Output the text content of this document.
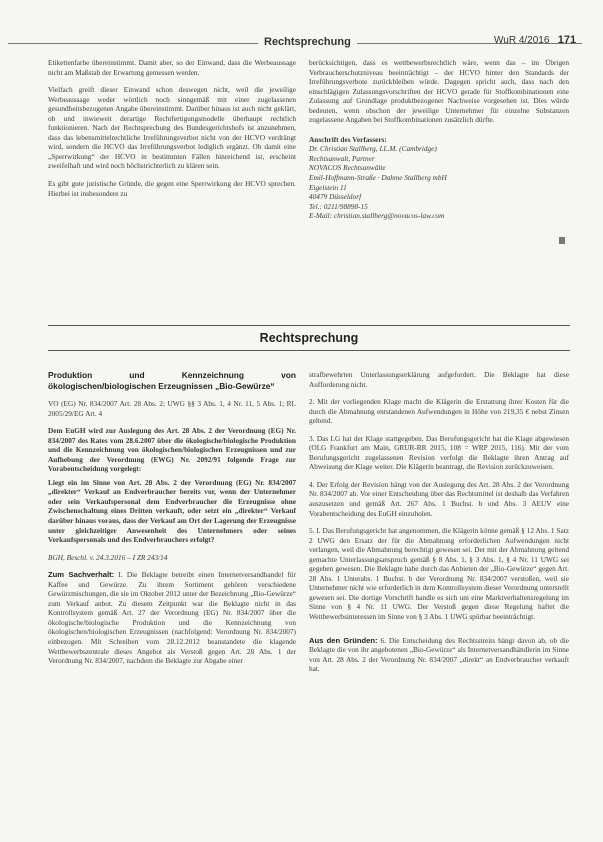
Rechtsprechung	WuR 4/2016 171

Etikettenfarbe übereinstimmt. Damit aber, so der Einwand, dass die Werbeaussage nicht am Maßstab der Erwartung gemessen werden.

Vielfach greift dieser Einwand schon deswegen nicht, weil die jeweilige Werbeaussage weder wörtlich noch sinngemäß mit einer zugelassenen gesundheitsbezogenen Angabe übereinstimmt. Darüber hinaus ist auch nicht geklärt, ob und inwieweit derartige Rechtfertigungsmodelle überhaupt rechtlich funktionieren. Nach der Rechtsprechung des Bundesgerichtshofs ist anzunehmen, dass das lebensmittelrechtliche Irreführungsverbot nicht von der HCVO verdrängt wird, sondern die HCVO das Irreführungsverbot lediglich ergänzt. Ob damit eine „Sperrwirkung“ der HCVO in bestimmten Fällen hinreichend ist, erscheint zweifelhaft und wird noch höchstrichterlich zu klären sein.

Es gibt gute juristische Gründe, die gegen eine Sperrwirkung der HCVO sprechen. Hierbei ist insbesondere zu

berücksichtigen, dass es wettbewerbsrechtlich wäre, wenn das – im Übrigen Verbraucherschutzniveau beeinträchtigt – der HCVO hinter den Standards der Irreführungsverbote zurückbleiben würde. Dagegen spricht auch, dass nach den einschlägigen Zulassungsvorschriften der HCVO gerade für Stoffkombinationen eine Zulassung auf Grundlage produktbezogener Nachweise vorgesehen ist. Dies würde bedeuten, wenn obschon der jeweilige Unternehmer für einzelne Substanzen zugelassene Angaben bei Stoffkombinationen zusätzlich dürfte.

Anschrift des Verfassers:
Dr. Christian Stallberg, LL.M. (Cambridge)
Rechtsanwalt, Partner
NOVACOS Rechtsanwälte
Emil-Hoffmann-Straße · Dahme Stallberg mbH
Eigelstein 11
40479 Düsseldorf
Tel.: 0211/98898-15
E-Mail: christian.stallberg@novacos-law.com
Rechtsprechung
Produktion und Kennzeichnung von ökologischen/biologischen Erzeugnissen „Bio-Gewürze“

VO (EG) Nr. 834/2007 Art. 28 Abs. 2; UWG §§ 3 Abs. 1, 4 Nr. 11, 5 Abs. 1; RL 2005/29/EG Art. 4

Dem EuGH wird zur Auslegung des Art. 28 Abs. 2 der Verordnung (EG) Nr. 834/2007 des Rates vom 28.6.2007 über die ökologische/biologische Produktion und die Kennzeichnung von ökologischen/biologischen Erzeugnissen und zur Aufhebung der Verordnung (EWG) Nr. 2092/91 folgende Frage zur Vorabentscheidung vorgelegt:

Liegt ein im Sinne von Art. 28 Abs. 2 der Verordnung (EG) Nr. 834/2007 „direkter“ Verkauf an Endverbraucher bereits vor, wenn der Unternehmer oder sein Verkaufspersonal dem Endverbraucher die Erzeugnisse ohne Zwischenschaltung eines Dritten verkauft, oder setzt ein „direkter“ Verkauf darüber hinaus voraus, dass der Verkauf am Ort der Lagerung der Erzeugnisse unter gleichzeitiger Anwesenheit des Unternehmers oder seines Verkaufspersonals und des Endverbrauchers erfolgt?

BGH, Beschl. v. 24.3.2016 – I ZR 243/14

Zum Sachverhalt: I. Die Beklagte betreibt einen Internetversandhandel für Kaffee und Gewürze. Zu ihrem Sortiment gehören verschiedene Gewürzmischungen, die sie im Oktober 2012 unter der Bezeichnung „Bio-Gewürze“ zum Verkauf anbot. Zu diesem Zeitpunkt war die Beklagte nicht in das Kontrollsystem gemäß Art. 27 der Verordnung (EG) Nr. 834/2007 über die ökologische/biologische Produktion und die Kennzeichnung von ökologischen/biologischen Erzeugnissen (nachfolgend: Verordnung Nr. 834/2007) einbezogen. Mit Schreiben vom 28.12.2012 beanstandete die klagende Wettbewerbszentrale dieses Angebot als Verstoß gegen Art. 28 Abs. 1 der Verordnung Nr. 834/2007, nachdem die Beklagte zur Abgabe einer

strafbewehrten Unterlassungserklärung aufgefordert. Die Beklagte hat diese Aufforderung nicht.

2. Mit der vorliegenden Klage macht die Klägerin die Erstattung ihrer Kosten für die durch die Abmahnung entstandenen Aufwendungen in Höhe von 219,35 € nebst Zinsen geltend.

3. Das LG hat der Klage stattgegeben. Das Berufungsgericht hat die Klage abgewiesen (OLG Frankfurt am Main, GRUR-RR 2015, 108 = WRP 2015, 116). Mit der vom Berufungsgericht zugelassenen Revision verfolgt die Beklagte ihren Antrag auf Abweisung der Klage weiter. Die Klägerin beantragt, die Revision zurückzuweisen.

4. Der Erfolg der Revision hängt von der Auslegung des Art. 28 Abs. 2 der Verordnung Nr. 834/2007 ab. Vor einer Entscheidung über das Rechtsmittel ist deshalb das Verfahren auszusetzen und gemäß Art. 267 Abs. 1 Buchst. b und Abs. 3 AEUV eine Vorabentscheidung des EuGH einzuholen.

5. I. Das Berufungsgericht hat angenommen, die Klägerin könne gemäß § 12 Abs. 1 Satz 2 UWG den Ersatz der für die Abmahnung erforderlichen Aufwendungen nicht verlangen, weil die Abmahnung berechtigt gewesen sei. Der mit der Abmahnung geltend gemachte Unterlassungsanspruch gemäß § 8 Abs. 1, § 3 Abs. 1, § 4 Nr. 11 UWG sei gegeben gewesen. Die Beklagte habe durch das Anbieten der „Bio-Gewürze“ gegen Art. 28 Abs. 1 Unterabs. 1 Buchst. b der Verordnung Nr. 834/2007 verstoßen, weil sie Unternehmer nicht wie erforderlich in dem Kontrollsystem dieser Verordnung unterstellt gewesen sei. Die dortige Vorschrift handle es sich um eine Marktverhaltensregelung im Sinne von § 4 Nr. 11 UWG. Der Verstoß gegen diese Regelung haftet die Wettbewerbsinteressen im Sinne von § 3 Abs. 1 UWG spürbar beeinträchtigt.

Aus den Gründen: 6. Die Entscheidung des Rechtsstreits hängt davon ab, ob die Beklagte die von ihr angebotenen „Bio-Gewürze“ als Internetversandhändlerin im Sinne von Art. 28 Abs. 2 der Verordnung Nr. 834/2007 „direkt“ an Endverbraucher verkauft hat.
